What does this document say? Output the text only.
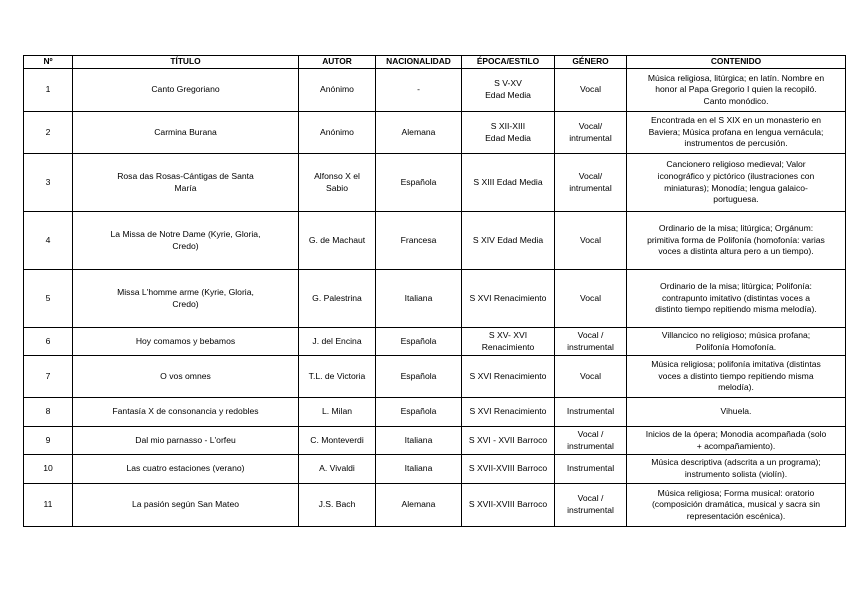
Nº	TÍTULO	AUTOR	NACIONALIDAD	ÉPOCA/ESTILO	GÉNERO	CONTENIDO
1	Canto Gregoriano	Anónimo	-	S V-XV
Edad Media	Vocal	Música religiosa, litúrgica; en latín. Nombre en
honor al Papa Gregorio I quien la recopiló.
Canto monódico.

2	Carmina Burana	Anónimo	Alemana	S XII-XIII
Edad Media	Vocal/
intrumental	Encontrada en el S XIX en un monasterio en
Baviera; Música profana en lengua vernácula;
instrumentos de percusión.

3	Rosa das Rosas-Cántigas de Santa
María	Alfonso X el
Sabio	Española	S XIII Edad Media	Vocal/
intrumental	Cancionero religioso medieval; Valor
iconográfico y pictórico (ilustraciones con
miniaturas); Monodía; lengua galaico-
portuguesa.

4	La Missa de Notre Dame (Kyrie, Gloria,
Credo)	G. de Machaut	Francesa	S XIV Edad Media	Vocal	Ordinario de la misa; litúrgica; Orgánum:
primitiva forma de Polifonía (homofonía: varias
voces a distinta altura pero a un tiempo).

5	Missa L'homme arme (Kyrie, Gloria,
Credo)	G. Palestrina	Italiana	S XVI Renacimiento	Vocal	Ordinario de la misa; litúrgica; Polifonía:
contrapunto imitativo (distintas voces a
distinto tiempo repitiendo misma melodía).

6	Hoy comamos y bebamos	J. del Encina	Española	S XV- XVI
Renacimiento	Vocal /
instrumental	Villancico no religioso; música profana;
Polifonía Homofonía.

7	O vos omnes	T.L. de Victoria	Española	S XVI Renacimiento	Vocal	Música religiosa; polifonía imitativa (distintas
voces a distinto tiempo repitiendo misma
melodía).

8	Fantasía X de consonancia y redobles	L. Milan	Española	S XVI Renacimiento	Instrumental	Vihuela.

9	Dal mio parnasso - L'orfeu	C. Monteverdi	Italiana	S XVI - XVII Barroco	Vocal /
instrumental	Inicios de la ópera; Monodia acompañada (solo
+ acompañamiento).

10	Las cuatro estaciones (verano)	A. Vivaldi	Italiana	S XVII-XVIII Barroco	Instrumental	Música descriptiva (adscrita a un programa);
instrumento solista (violín).

11	La pasión según San Mateo	J.S. Bach	Alemana	S XVII-XVIII Barroco	Vocal /
instrumental	Música religiosa; Forma musical: oratorio
(composición dramática, musical y sacra sin
representación escénica).
